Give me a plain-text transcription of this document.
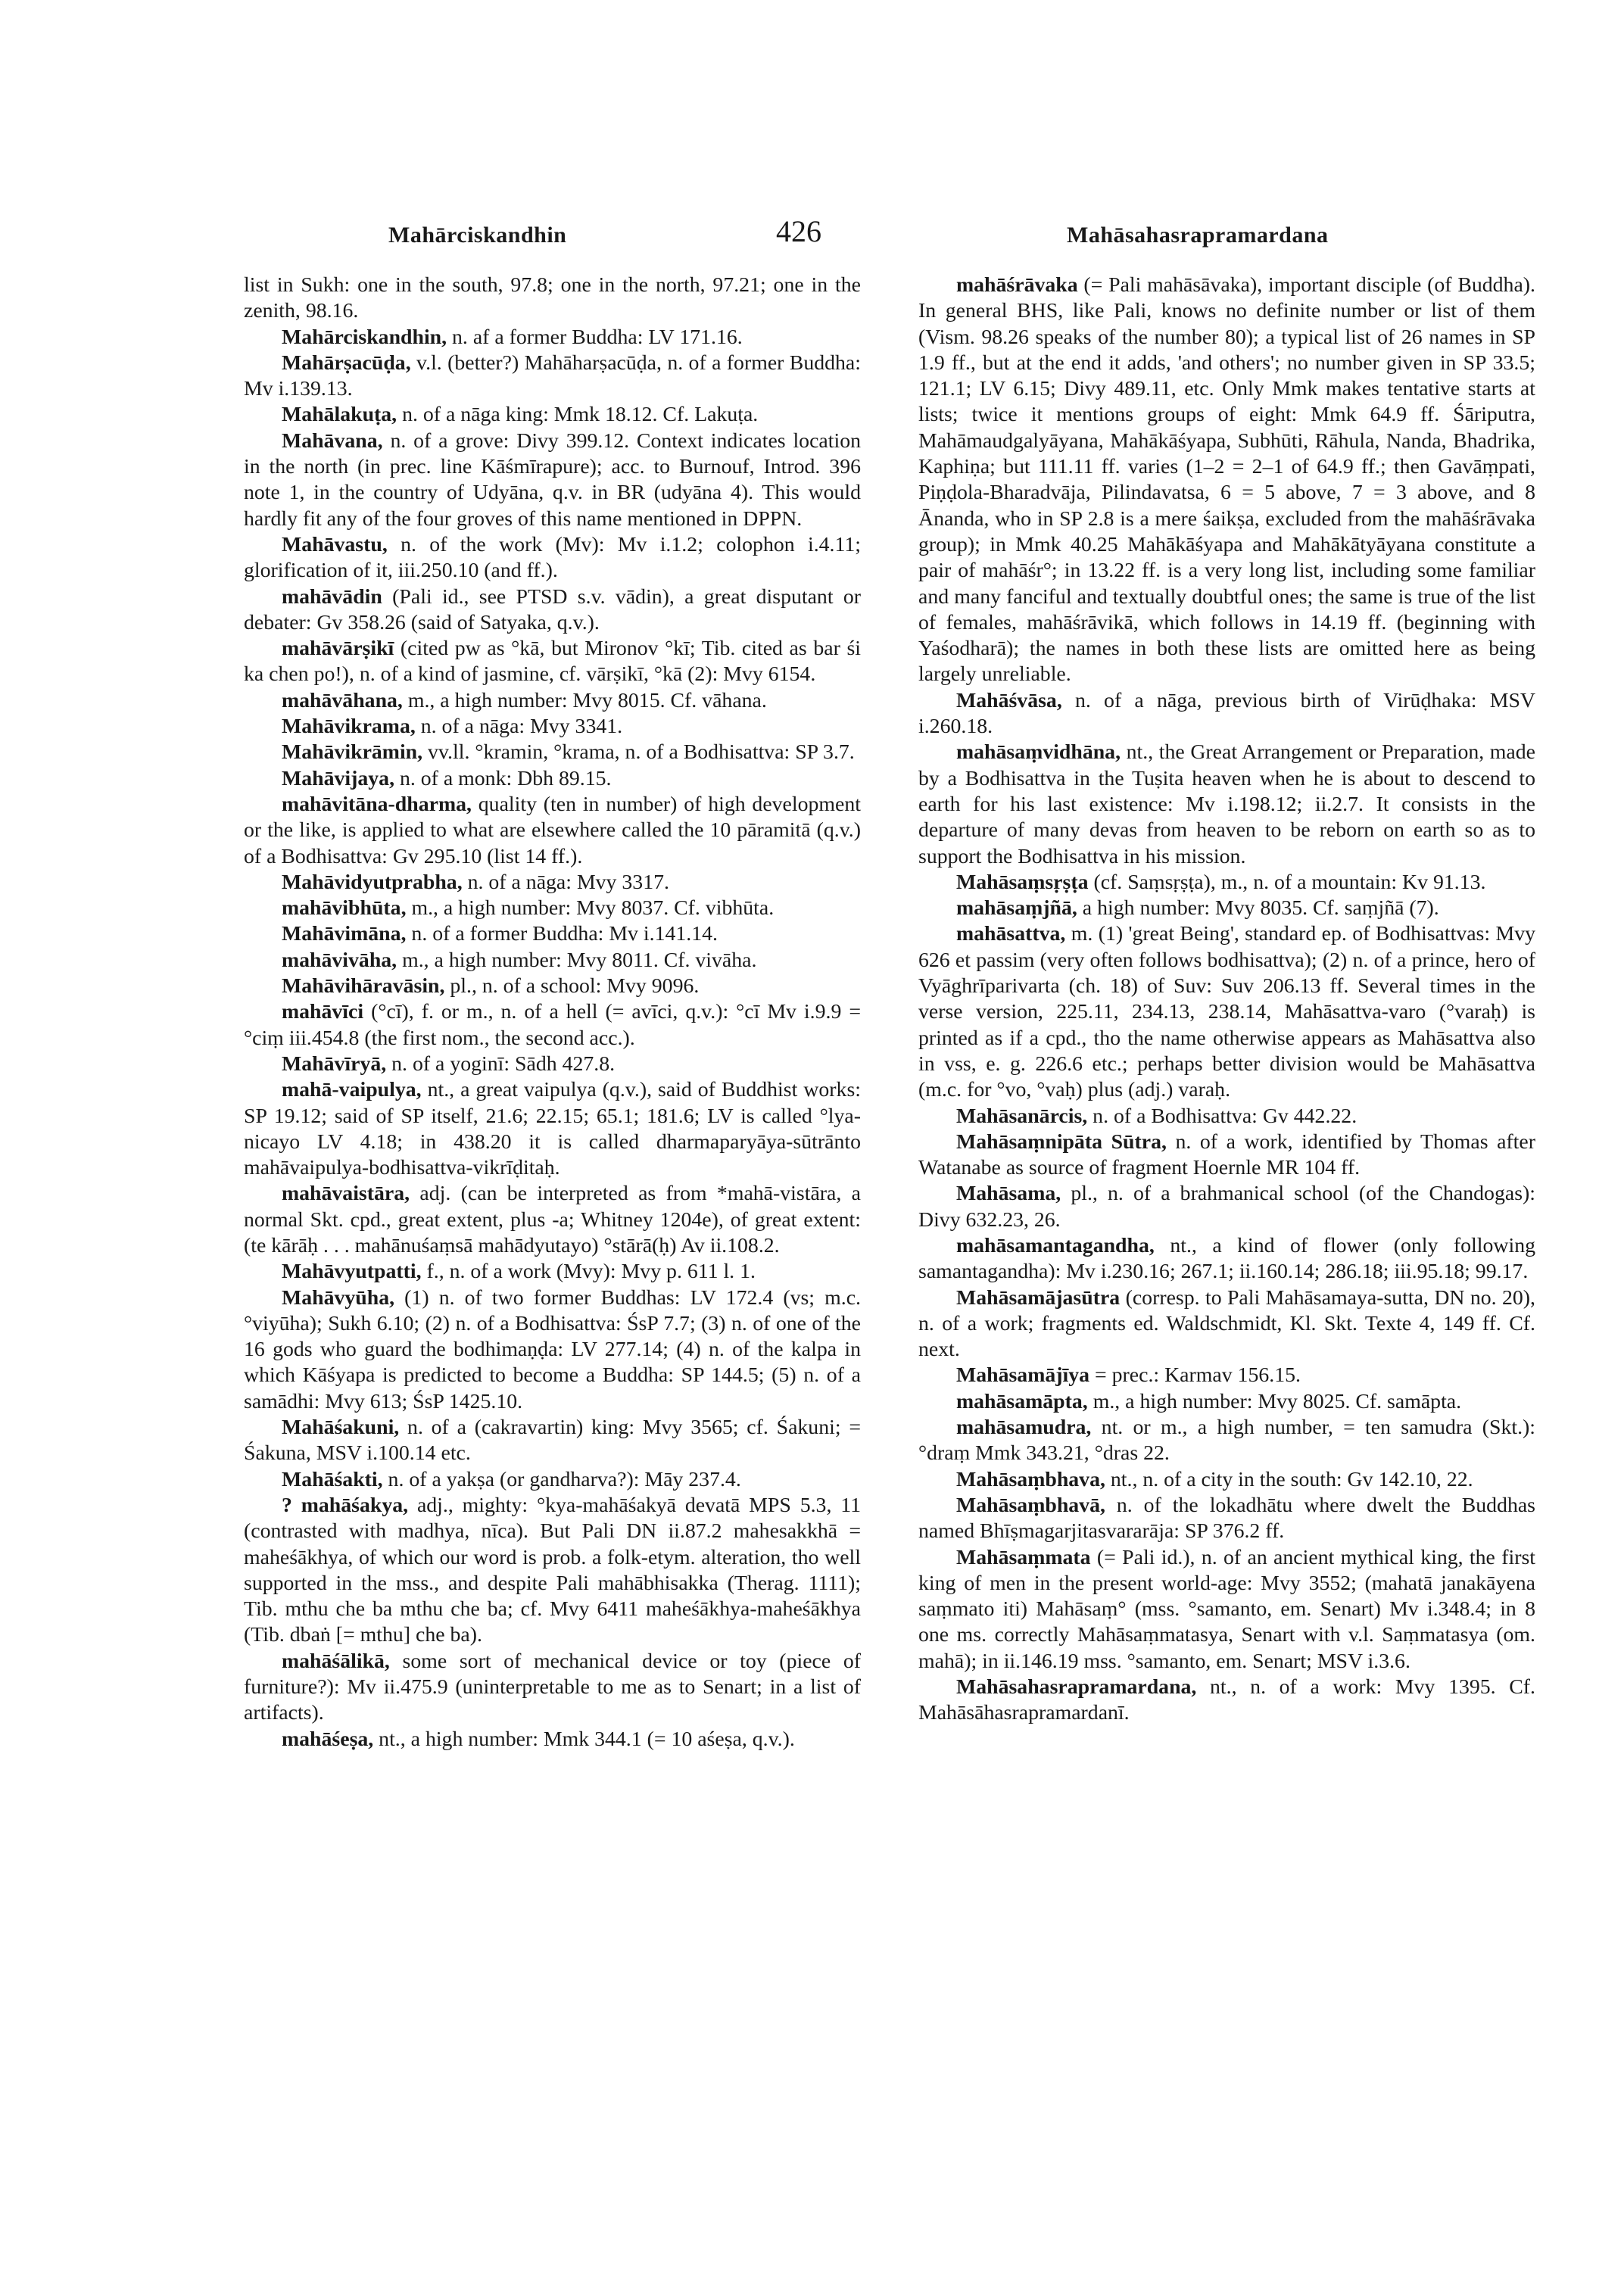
Mahārciskandhin	426	Mahāsahasrapramardana

list in Sukh: one in the south, 97.8; one in the north, 97.21; one in the zenith, 98.16.

Mahārciskandhin, n. af a former Buddha: LV 171.16.

Mahārṣacūḍa, v.l. (better?) Mahāharṣacūḍa, n. of a former Buddha: Mv i.139.13.

Mahālakuṭa, n. of a nāga king: Mmk 18.12. Cf. Lakuṭa.

Mahāvana, n. of a grove: Divy 399.12. Context indicates location in the north (in prec. line Kāśmīrapure); acc. to Burnouf, Introd. 396 note 1, in the country of Udyāna, q.v. in BR (udyāna 4). This would hardly fit any of the four groves of this name mentioned in DPPN.

Mahāvastu, n. of the work (Mv): Mv i.1.2; colophon i.4.11; glorification of it, iii.250.10 (and ff.).

mahāvādin (Pali id., see PTSD s.v. vādin), a great disputant or debater: Gv 358.26 (said of Satyaka, q.v.).

mahāvārṣikī (cited pw as °kā, but Mironov °kī; Tib. cited as bar śi ka chen po!), n. of a kind of jasmine, cf. vārṣikī, °kā (2): Mvy 6154.

mahāvāhana, m., a high number: Mvy 8015. Cf. vāhana.

Mahāvikrama, n. of a nāga: Mvy 3341.

Mahāvikrāmin, vv.ll. °kramin, °krama, n. of a Bodhisattva: SP 3.7.

Mahāvijaya, n. of a monk: Dbh 89.15.

mahāvitāna-dharma, quality (ten in number) of high development or the like, is applied to what are elsewhere called the 10 pāramitā (q.v.) of a Bodhisattva: Gv 295.10 (list 14 ff.).

Mahāvidyutprabha, n. of a nāga: Mvy 3317.

mahāvibhūta, m., a high number: Mvy 8037. Cf. vibhūta.

Mahāvimāna, n. of a former Buddha: Mv i.141.14.

mahāvivāha, m., a high number: Mvy 8011. Cf. vivāha.

Mahāvihāravāsin, pl., n. of a school: Mvy 9096.

mahāvīci (°cī), f. or m., n. of a hell (= avīci, q.v.): °cī Mv i.9.9 = °ciṃ iii.454.8 (the first nom., the second acc.).

Mahāvīryā, n. of a yoginī: Sādh 427.8.

mahā-vaipulya, nt., a great vaipulya (q.v.), said of Buddhist works: SP 19.12; said of SP itself, 21.6; 22.15; 65.1; 181.6; LV is called °lya-nicayo LV 4.18; in 438.20 it is called dharmaparyāya-sūtrānto mahāvaipulya-bodhisattva-vikrīḍitaḥ.

mahāvaistāra, adj. (can be interpreted as from *mahā-vistāra, a normal Skt. cpd., great extent, plus -a; Whitney 1204e), of great extent: (te kārāḥ . . . mahānuśaṃsā mahādyutayo) °stārā(ḥ) Av ii.108.2.

Mahāvyutpatti, f., n. of a work (Mvy): Mvy p. 611 l. 1.

Mahāvyūha, (1) n. of two former Buddhas: LV 172.4 (vs; m.c. °viyūha); Sukh 6.10; (2) n. of a Bodhisattva: ŚsP 7.7; (3) n. of one of the 16 gods who guard the bodhimaṇḍa: LV 277.14; (4) n. of the kalpa in which Kāśyapa is predicted to become a Buddha: SP 144.5; (5) n. of a samādhi: Mvy 613; ŚsP 1425.10.

Mahāśakuni, n. of a (cakravartin) king: Mvy 3565; cf. Śakuni; = Śakuna, MSV i.100.14 etc.

Mahāśakti, n. of a yakṣa (or gandharva?): Māy 237.4.

? mahāśakya, adj., mighty: °kya-mahāśakyā devatā MPS 5.3, 11 (contrasted with madhya, nīca). But Pali DN ii.87.2 mahesakkhā = maheśākhya, of which our word is prob. a folk-etym. alteration, tho well supported in the mss., and despite Pali mahābhisakka (Therag. 1111); Tib. mthu che ba mthu che ba; cf. Mvy 6411 maheśākhya-maheśākhya (Tib. dbaṅ [= mthu] che ba).

mahāśālikā, some sort of mechanical device or toy (piece of furniture?): Mv ii.475.9 (uninterpretable to me as to Senart; in a list of artifacts).

mahāśeṣa, nt., a high number: Mmk 344.1 (= 10 aśeṣa, q.v.).

mahāśrāvaka (= Pali mahāsāvaka), important disciple (of Buddha). In general BHS, like Pali, knows no definite number or list of them (Vism. 98.26 speaks of the number 80); a typical list of 26 names in SP 1.9 ff., but at the end it adds, 'and others'; no number given in SP 33.5; 121.1; LV 6.15; Divy 489.11, etc. Only Mmk makes tentative starts at lists; twice it mentions groups of eight: Mmk 64.9 ff. Śāriputra, Mahāmaudgalyāyana, Mahākāśyapa, Subhūti, Rāhula, Nanda, Bhadrika, Kaphiṇa; but 111.11 ff. varies (1–2 = 2–1 of 64.9 ff.; then Gavāṃpati, Piṇḍola-Bharadvāja, Pilindavatsa, 6 = 5 above, 7 = 3 above, and 8 Ānanda, who in SP 2.8 is a mere śaikṣa, excluded from the mahāśrāvaka group); in Mmk 40.25 Mahākāśyapa and Mahākātyāyana constitute a pair of mahāśr°; in 13.22 ff. is a very long list, including some familiar and many fanciful and textually doubtful ones; the same is true of the list of females, mahāśrāvikā, which follows in 14.19 ff. (beginning with Yaśodharā); the names in both these lists are omitted here as being largely unreliable.

Mahāśvāsa, n. of a nāga, previous birth of Virūḍhaka: MSV i.260.18.

mahāsaṃvidhāna, nt., the Great Arrangement or Preparation, made by a Bodhisattva in the Tuṣita heaven when he is about to descend to earth for his last existence: Mv i.198.12; ii.2.7. It consists in the departure of many devas from heaven to be reborn on earth so as to support the Bodhisattva in his mission.

Mahāsaṃsṛṣṭa (cf. Saṃsṛṣṭa), m., n. of a mountain: Kv 91.13.

mahāsaṃjñā, a high number: Mvy 8035. Cf. saṃjñā (7).

mahāsattva, m. (1) 'great Being', standard ep. of Bodhisattvas: Mvy 626 et passim (very often follows bodhisattva); (2) n. of a prince, hero of Vyāghrīparivarta (ch. 18) of Suv: Suv 206.13 ff. Several times in the verse version, 225.11, 234.13, 238.14, Mahāsattva-varo (°varaḥ) is printed as if a cpd., tho the name otherwise appears as Mahāsattva also in vss, e. g. 226.6 etc.; perhaps better division would be Mahāsattva (m.c. for °vo, °vaḥ) plus (adj.) varaḥ.

Mahāsanārcis, n. of a Bodhisattva: Gv 442.22.

Mahāsaṃnipāta Sūtra, n. of a work, identified by Thomas after Watanabe as source of fragment Hoernle MR 104 ff.

Mahāsama, pl., n. of a brahmanical school (of the Chandogas): Divy 632.23, 26.

mahāsamantagandha, nt., a kind of flower (only following samantagandha): Mv i.230.16; 267.1; ii.160.14; 286.18; iii.95.18; 99.17.

Mahāsamājasūtra (corresp. to Pali Mahāsamaya-sutta, DN no. 20), n. of a work; fragments ed. Waldschmidt, Kl. Skt. Texte 4, 149 ff. Cf. next.

Mahāsamājīya = prec.: Karmav 156.15.

mahāsamāpta, m., a high number: Mvy 8025. Cf. samāpta.

mahāsamudra, nt. or m., a high number, = ten samudra (Skt.): °draṃ Mmk 343.21, °dras 22.

Mahāsaṃbhava, nt., n. of a city in the south: Gv 142.10, 22.

Mahāsaṃbhavā, n. of the lokadhātu where dwelt the Buddhas named Bhīṣmagarjitasvararāja: SP 376.2 ff.

Mahāsaṃmata (= Pali id.), n. of an ancient mythical king, the first king of men in the present world-age: Mvy 3552; (mahatā janakāyena saṃmato iti) Mahāsaṃ° (mss. °samanto, em. Senart) Mv i.348.4; in 8 one ms. correctly Mahāsaṃmatasya, Senart with v.l. Saṃmatasya (om. mahā); in ii.146.19 mss. °samanto, em. Senart; MSV i.3.6.

Mahāsahasrapramardana, nt., n. of a work: Mvy 1395. Cf. Mahāsāhasrapramardanī.
